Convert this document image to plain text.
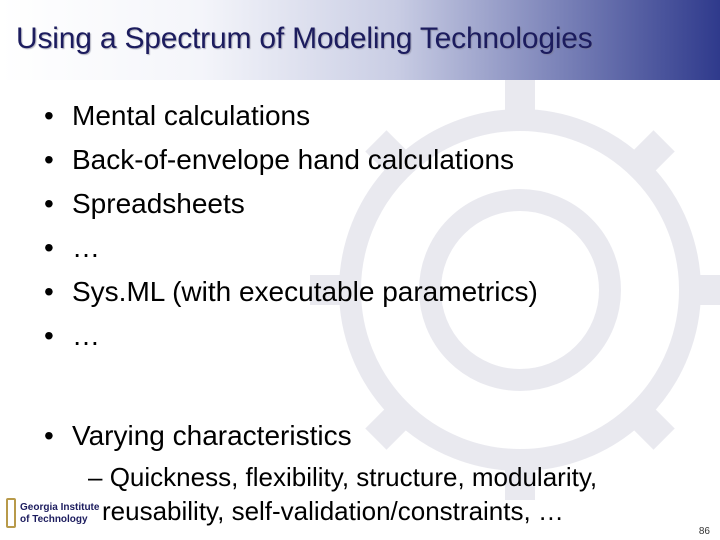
Using a Spectrum of Modeling Technologies
• Mental calculations
• Back-of-envelope hand calculations
• Spreadsheets
• …
• Sys.ML (with executable parametrics)
• …
• Varying characteristics
– Quickness, flexibility, structure, modularity,
reusability, self-validation/constraints, …
Georgia Institute
of Technology
86
